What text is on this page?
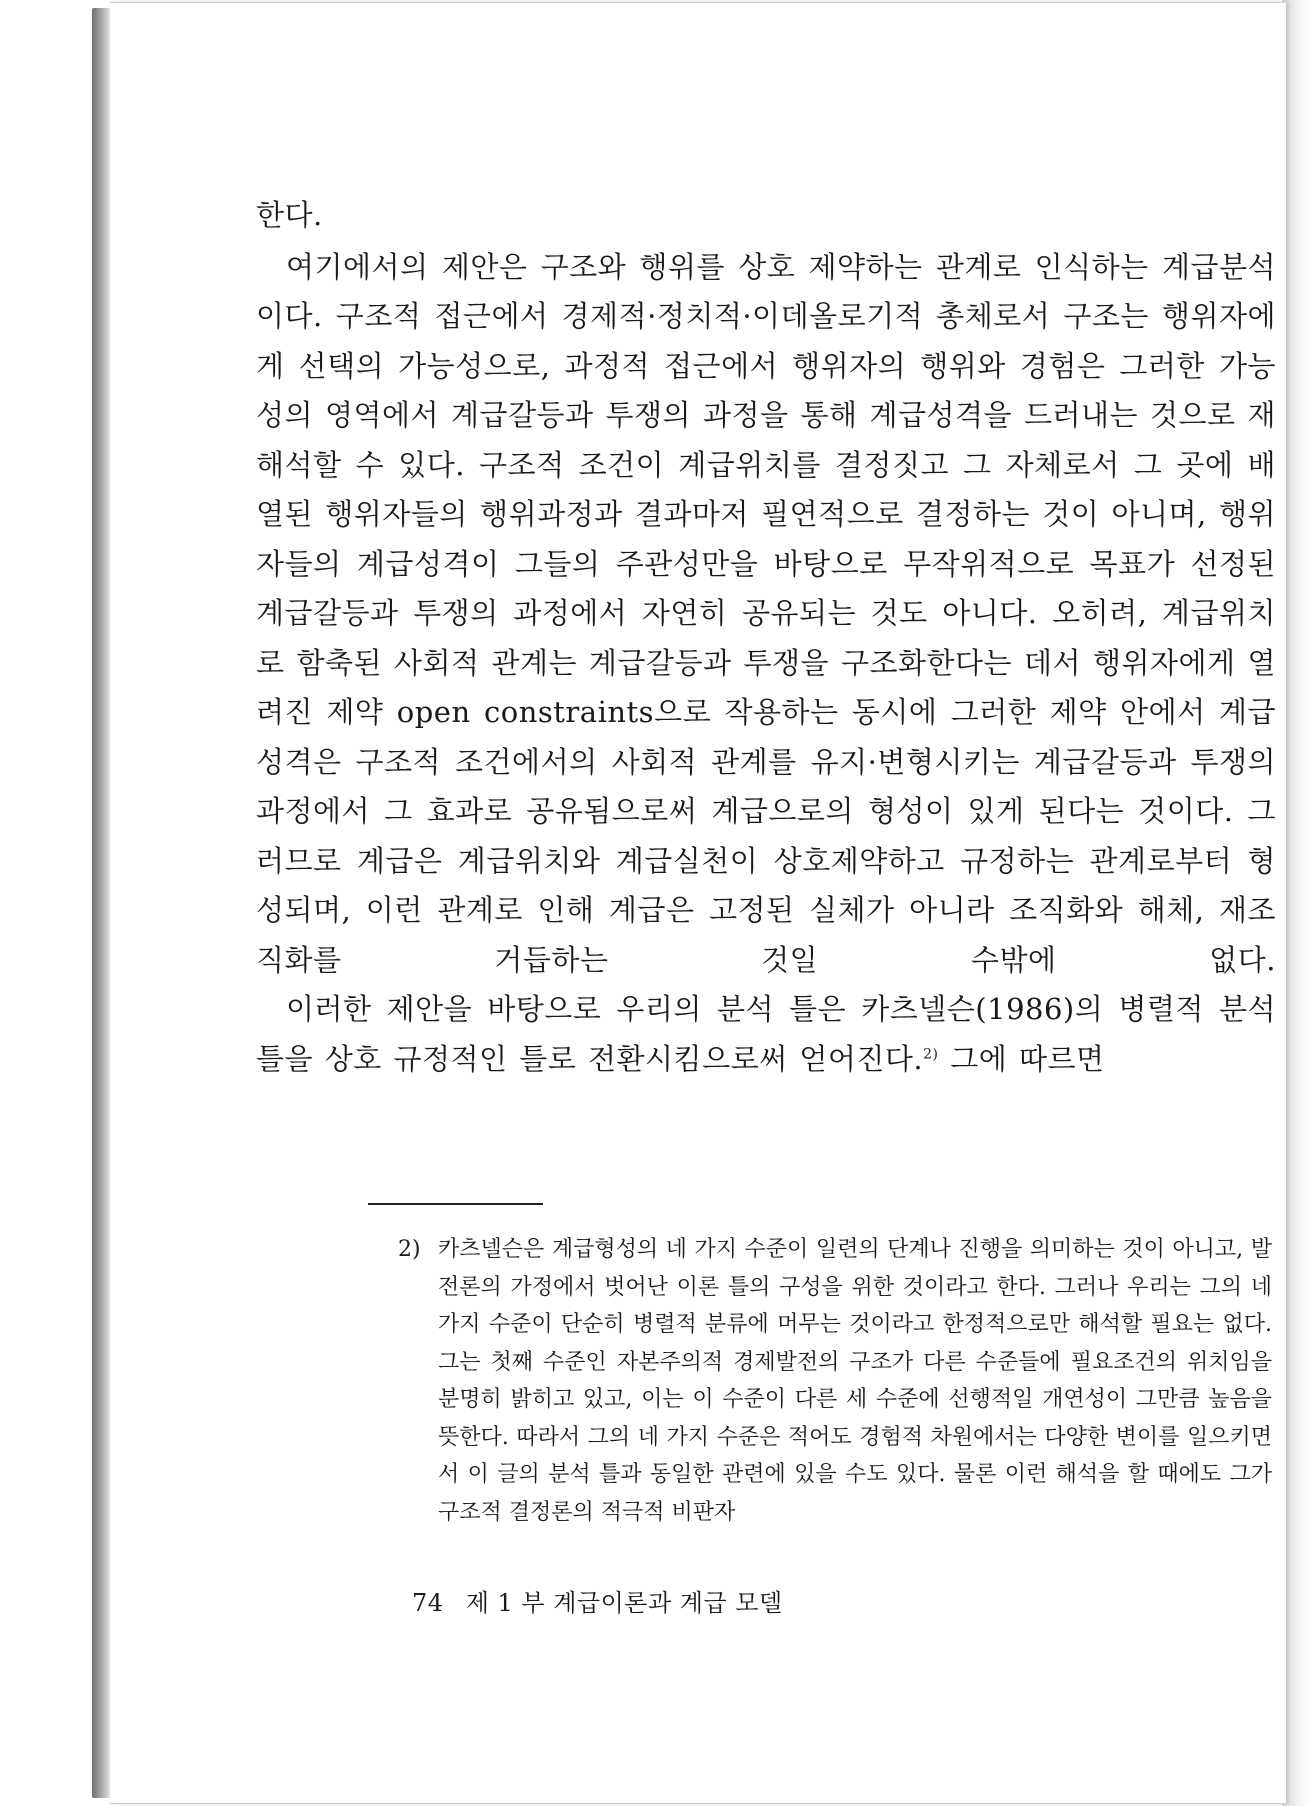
한다.

여기에서의 제안은 구조와 행위를 상호 제약하는 관계로 인식하는 계급분석이다. 구조적 접근에서 경제적·정치적·이데올로기적 총체로서 구조는 행위자에게 선택의 가능성으로, 과정적 접근에서 행위자의 행위와 경험은 그러한 가능성의 영역에서 계급갈등과 투쟁의 과정을 통해 계급성격을 드러내는 것으로 재해석할 수 있다. 구조적 조건이 계급위치를 결정짓고 그 자체로서 그 곳에 배열된 행위자들의 행위과정과 결과마저 필연적으로 결정하는 것이 아니며, 행위자들의 계급성격이 그들의 주관성만을 바탕으로 무작위적으로 목표가 선정된 계급갈등과 투쟁의 과정에서 자연히 공유되는 것도 아니다. 오히려, 계급위치로 함축된 사회적 관계는 계급갈등과 투쟁을 구조화한다는 데서 행위자에게 열려진 제약 open constraints으로 작용하는 동시에 그러한 제약 안에서 계급성격은 구조적 조건에서의 사회적 관계를 유지·변형시키는 계급갈등과 투쟁의 과정에서 그 효과로 공유됨으로써 계급으로의 형성이 있게 된다는 것이다. 그러므로 계급은 계급위치와 계급실천이 상호제약하고 규정하는 관계로부터 형성되며, 이런 관계로 인해 계급은 고정된 실체가 아니라 조직화와 해체, 재조직화를 거듭하는 것일 수밖에 없다.

이러한 제안을 바탕으로 우리의 분석 틀은 카츠넬슨(1986)의 병렬적 분석 틀을 상호 규정적인 틀로 전환시킴으로써 얻어진다.$^{2)}$ 그에 따르면

2) 카츠넬슨은 계급형성의 네 가지 수준이 일련의 단계나 진행을 의미하는 것이 아니고, 발전론의 가정에서 벗어난 이론 틀의 구성을 위한 것이라고 한다. 그러나 우리는 그의 네 가지 수준이 단순히 병렬적 분류에 머무는 것이라고 한정적으로만 해석할 필요는 없다. 그는 첫째 수준인 자본주의적 경제발전의 구조가 다른 수준들에 필요조건의 위치임을 분명히 밝히고 있고, 이는 이 수준이 다른 세 수준에 선행적일 개연성이 그만큼 높음을 뜻한다. 따라서 그의 네 가지 수준은 적어도 경험적 차원에서는 다양한 변이를 일으키면서 이 글의 분석 틀과 동일한 관련에 있을 수도 있다. 물론 이런 해석을 할 때에도 그가 구조적 결정론의 적극적 비판자
74 제 1 부 계급이론과 계급 모델
